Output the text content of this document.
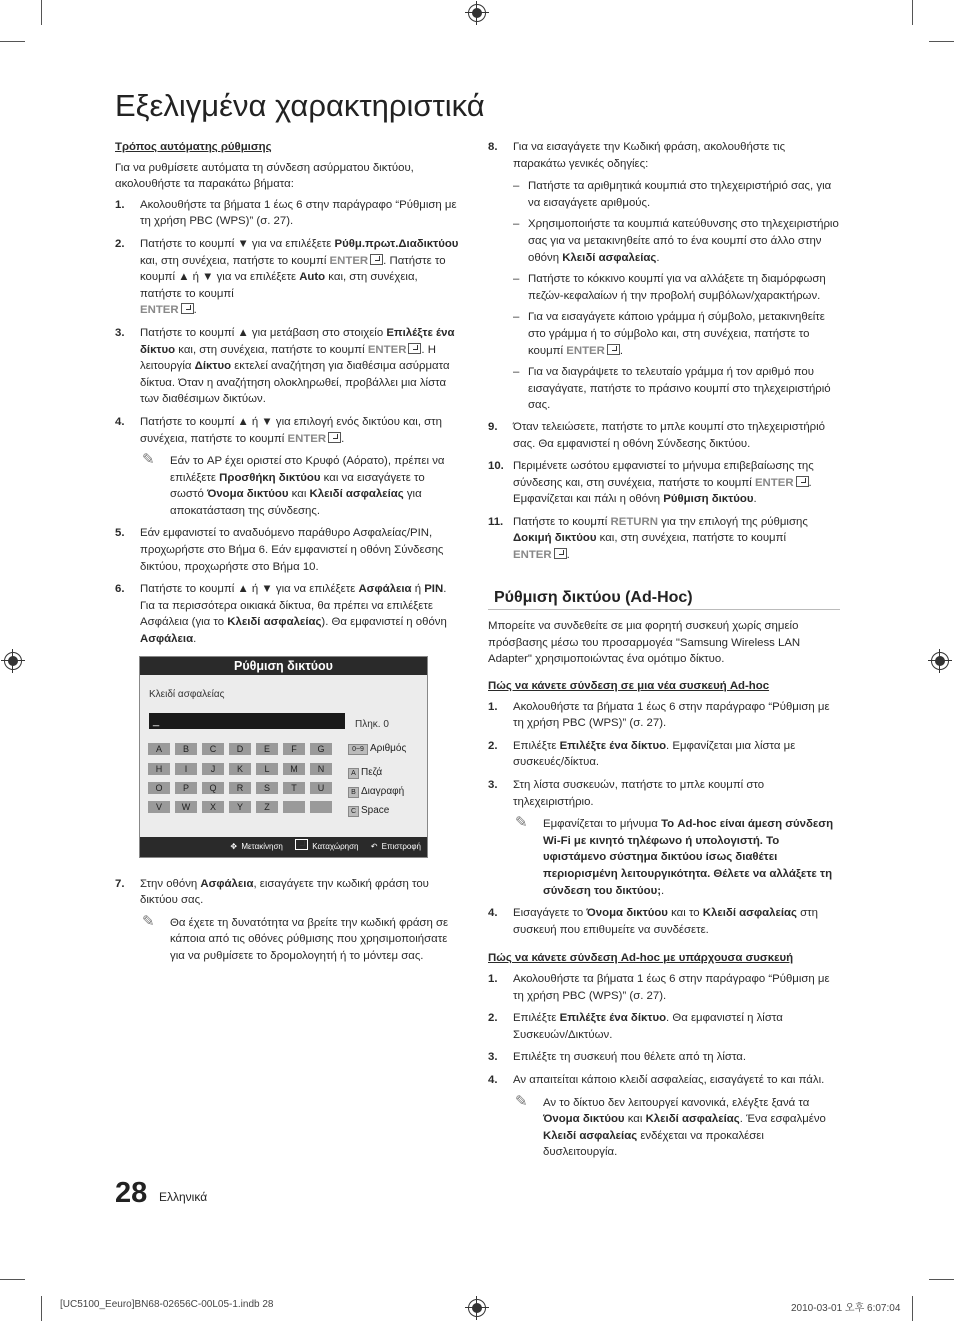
Εξελιγμένα χαρακτηριστικά
Τρόπος αυτόματης ρύθμισης
Για να ρυθμίσετε αυτόματα τη σύνδεση ασύρματου δικτύου, ακολουθήστε τα παρακάτω βήματα:
1. Ακολουθήστε τα βήματα 1 έως 6 στην παράγραφο “Ρύθμιση με τη χρήση PBC (WPS)” (σ. 27).
2. Πατήστε το κουμπί ▼ για να επιλέξετε Ρύθμ.πρωτ.Διαδικτύου και, στη συνέχεια, πατήστε το κουμπί ENTER . Πατήστε το κουμπί ▲ ή ▼ για να επιλέξετε Auto και, στη συνέχεια, πατήστε το κουμπί
ENTER .
3. Πατήστε το κουμπί ▲ για μετάβαση στο στοιχείο Επιλέξτε ένα δίκτυο και, στη συνέχεια, πατήστε το κουμπί ENTER . Η λειτουργία Δίκτυο εκτελεί αναζήτηση για διαθέσιμα ασύρματα δίκτυα. Όταν η αναζήτηση ολοκληρωθεί, προβάλλει μια λίστα των διαθέσιμων δικτύων.
4. Πατήστε το κουμπί ▲ ή ▼ για επιλογή ενός δικτύου και, στη συνέχεια, πατήστε το κουμπί ENTER .
✎ Εάν το AP έχει οριστεί στο Κρυφό (Αόρατο), πρέπει να επιλέξετε Προσθήκη δικτύου και να εισαγάγετε το σωστό Όνομα δικτύου και Κλειδί ασφαλείας για αποκατάσταση της σύνδεσης.
5. Εάν εμφανιστεί το αναδυόμενο παράθυρο Ασφαλείας/PIN, προχωρήστε στο Βήμα 6. Εάν εμφανιστεί η οθόνη Σύνδεσης δικτύου, προχωρήστε στο Βήμα 10.
6. Πατήστε το κουμπί ▲ ή ▼ για να επιλέξετε Ασφάλεια ή PIN. Για τα περισσότερα οικιακά δίκτυα, θα πρέπει να επιλέξετε Ασφάλεια (για το Κλειδί ασφαλείας). Θα εμφανιστεί η οθόνη Ασφάλεια.
Ρύθμιση δικτύου
Κλειδί ασφαλείας
_	Πληκ. 0
A	B	C	D	E	F	G
H	I	J	K	L	M	N
O	P	Q	R	S	T	U
V	W	X	Y	Z
0~9 Αριθμός
A Πεζά
B Διαγραφή
C Space
✥ Μετακίνηση	Καταχώρηση ↶ Επιστροφή
7. Στην οθόνη Ασφάλεια, εισαγάγετε την κωδική φράση του δικτύου σας.
✎ Θα έχετε τη δυνατότητα να βρείτε την κωδική φράση σε κάποια από τις οθόνες ρύθμισης που χρησιμοποιήσατε για να ρυθμίσετε το δρομολογητή ή το μόντεμ σας.
8. Για να εισαγάγετε την Κωδική φράση, ακολουθήστε τις παρακάτω γενικές οδηγίες:
– Πατήστε τα αριθμητικά κουμπιά στο τηλεχειριστήριό σας, για να εισαγάγετε αριθμούς.
– Χρησιμοποιήστε τα κουμπιά κατεύθυνσης στο τηλεχειριστήριο σας για να μετακινηθείτε από το ένα κουμπί στο άλλο στην οθόνη Κλειδί ασφαλείας.
– Πατήστε το κόκκινο κουμπί για να αλλάξετε τη διαμόρφωση πεζών-κεφαλαίων ή την προβολή συμβόλων/χαρακτήρων.
– Για να εισαγάγετε κάποιο γράμμα ή σύμβολο, μετακινηθείτε στο γράμμα ή το σύμβολο και, στη συνέχεια, πατήστε το κουμπί ENTER .
– Για να διαγράψετε το τελευταίο γράμμα ή τον αριθμό που εισαγάγατε, πατήστε το πράσινο κουμπί στο τηλεχειριστήριό σας.
9. Όταν τελειώσετε, πατήστε το μπλε κουμπί στο τηλεχειριστήριό σας. Θα εμφανιστεί η οθόνη Σύνδεσης δικτύου.
10. Περιμένετε ωσότου εμφανιστεί το μήνυμα επιβεβαίωσης της σύνδεσης και, στη συνέχεια, πατήστε το κουμπί ENTER . Εμφανίζεται και πάλι η οθόνη Ρύθμιση δικτύου.
11. Πατήστε το κουμπί RETURN για την επιλογή της ρύθμισης Δοκιμή δικτύου και, στη συνέχεια, πατήστε το κουμπί
ENTER .
Ρύθμιση δικτύου (Ad-Hoc)
Μπορείτε να συνδεθείτε σε μια φορητή συσκευή χωρίς σημείο πρόσβασης μέσω του προσαρμογέα "Samsung Wireless LAN Adapter" χρησιμοποιώντας ένα ομότιμο δίκτυο.
Πώς να κάνετε σύνδεση σε μια νέα συσκευή Ad-hoc
1. Ακολουθήστε τα βήματα 1 έως 6 στην παράγραφο “Ρύθμιση με τη χρήση PBC (WPS)” (σ. 27).
2. Επιλέξτε Επιλέξτε ένα δίκτυο. Εμφανίζεται μια λίστα με συσκευές/δίκτυα.
3. Στη λίστα συσκευών, πατήστε το μπλε κουμπί στο τηλεχειριστήριο.
✎ Εμφανίζεται το μήνυμα Το Ad-hoc είναι άμεση σύνδεση Wi-Fi με κινητό τηλέφωνο ή υπολογιστή. Το υφιστάμενο σύστημα δικτύου ίσως διαθέτει περιορισμένη λειτουργικότητα. Θέλετε να αλλάξετε τη σύνδεση του δικτύου;.
4. Εισαγάγετε το Όνομα δικτύου και το Κλειδί ασφαλείας στη συσκευή που επιθυμείτε να συνδέσετε.
Πώς να κάνετε σύνδεση Ad-hoc με υπάρχουσα συσκευή
1. Ακολουθήστε τα βήματα 1 έως 6 στην παράγραφο “Ρύθμιση με τη χρήση PBC (WPS)” (σ. 27).
2. Επιλέξτε Επιλέξτε ένα δίκτυο. Θα εμφανιστεί η λίστα Συσκευών/Δικτύων.
3. Επιλέξτε τη συσκευή που θέλετε από τη λίστα.
4. Αν απαιτείται κάποιο κλειδί ασφαλείας, εισαγάγετέ το και πάλι.
✎ Αν το δίκτυο δεν λειτουργεί κανονικά, ελέγξτε ξανά τα Όνομα δικτύου και Κλειδί ασφαλείας. Ένα εσφαλμένο Κλειδί ασφαλείας ενδέχεται να προκαλέσει δυσλειτουργία.
28 Ελληνικά
[UC5100_Eeuro]BN68-02656C-00L05-1.indb 28	2010-03-01 오후 6:07:04
